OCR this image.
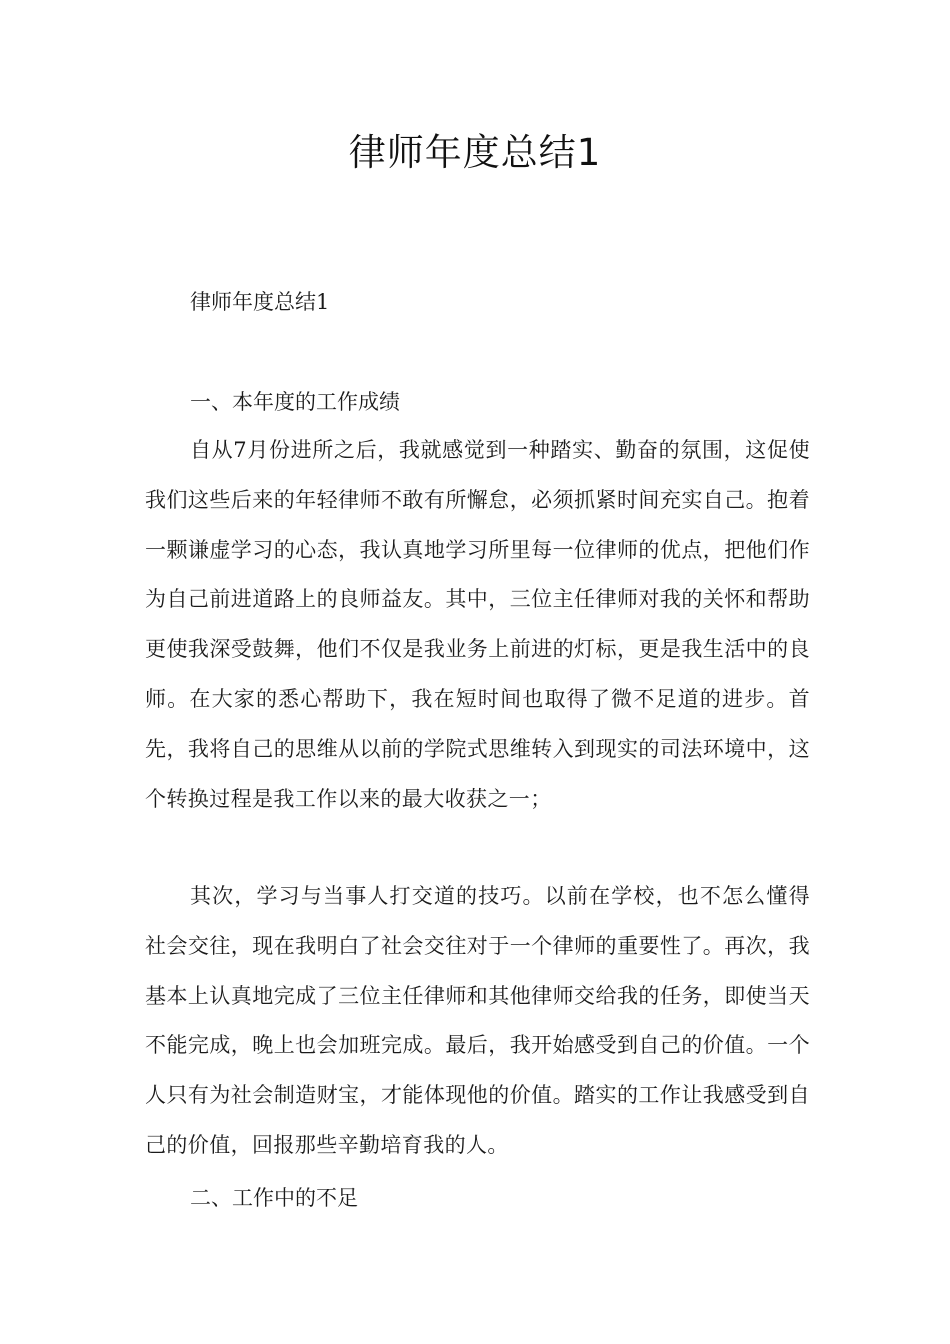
律师年度总结1

律师年度总结1

一、本年度的工作成绩

自从7月份进所之后，我就感觉到一种踏实、勤奋的氛围，这促使我们这些后来的年轻律师不敢有所懈怠，必须抓紧时间充实自己。抱着一颗谦虚学习的心态，我认真地学习所里每一位律师的优点，把他们作为自己前进道路上的良师益友。其中，三位主任律师对我的关怀和帮助更使我深受鼓舞，他们不仅是我业务上前进的灯标，更是我生活中的良师。在大家的悉心帮助下，我在短时间也取得了微不足道的进步。首先，我将自己的思维从以前的学院式思维转入到现实的司法环境中，这个转换过程是我工作以来的最大收获之一；

其次，学习与当事人打交道的技巧。以前在学校，也不怎么懂得社会交往，现在我明白了社会交往对于一个律师的重要性了。再次，我基本上认真地完成了三位主任律师和其他律师交给我的任务，即使当天不能完成，晚上也会加班完成。最后，我开始感受到自己的价值。一个人只有为社会制造财宝，才能体现他的价值。踏实的工作让我感受到自己的价值，回报那些辛勤培育我的人。

二、工作中的不足
